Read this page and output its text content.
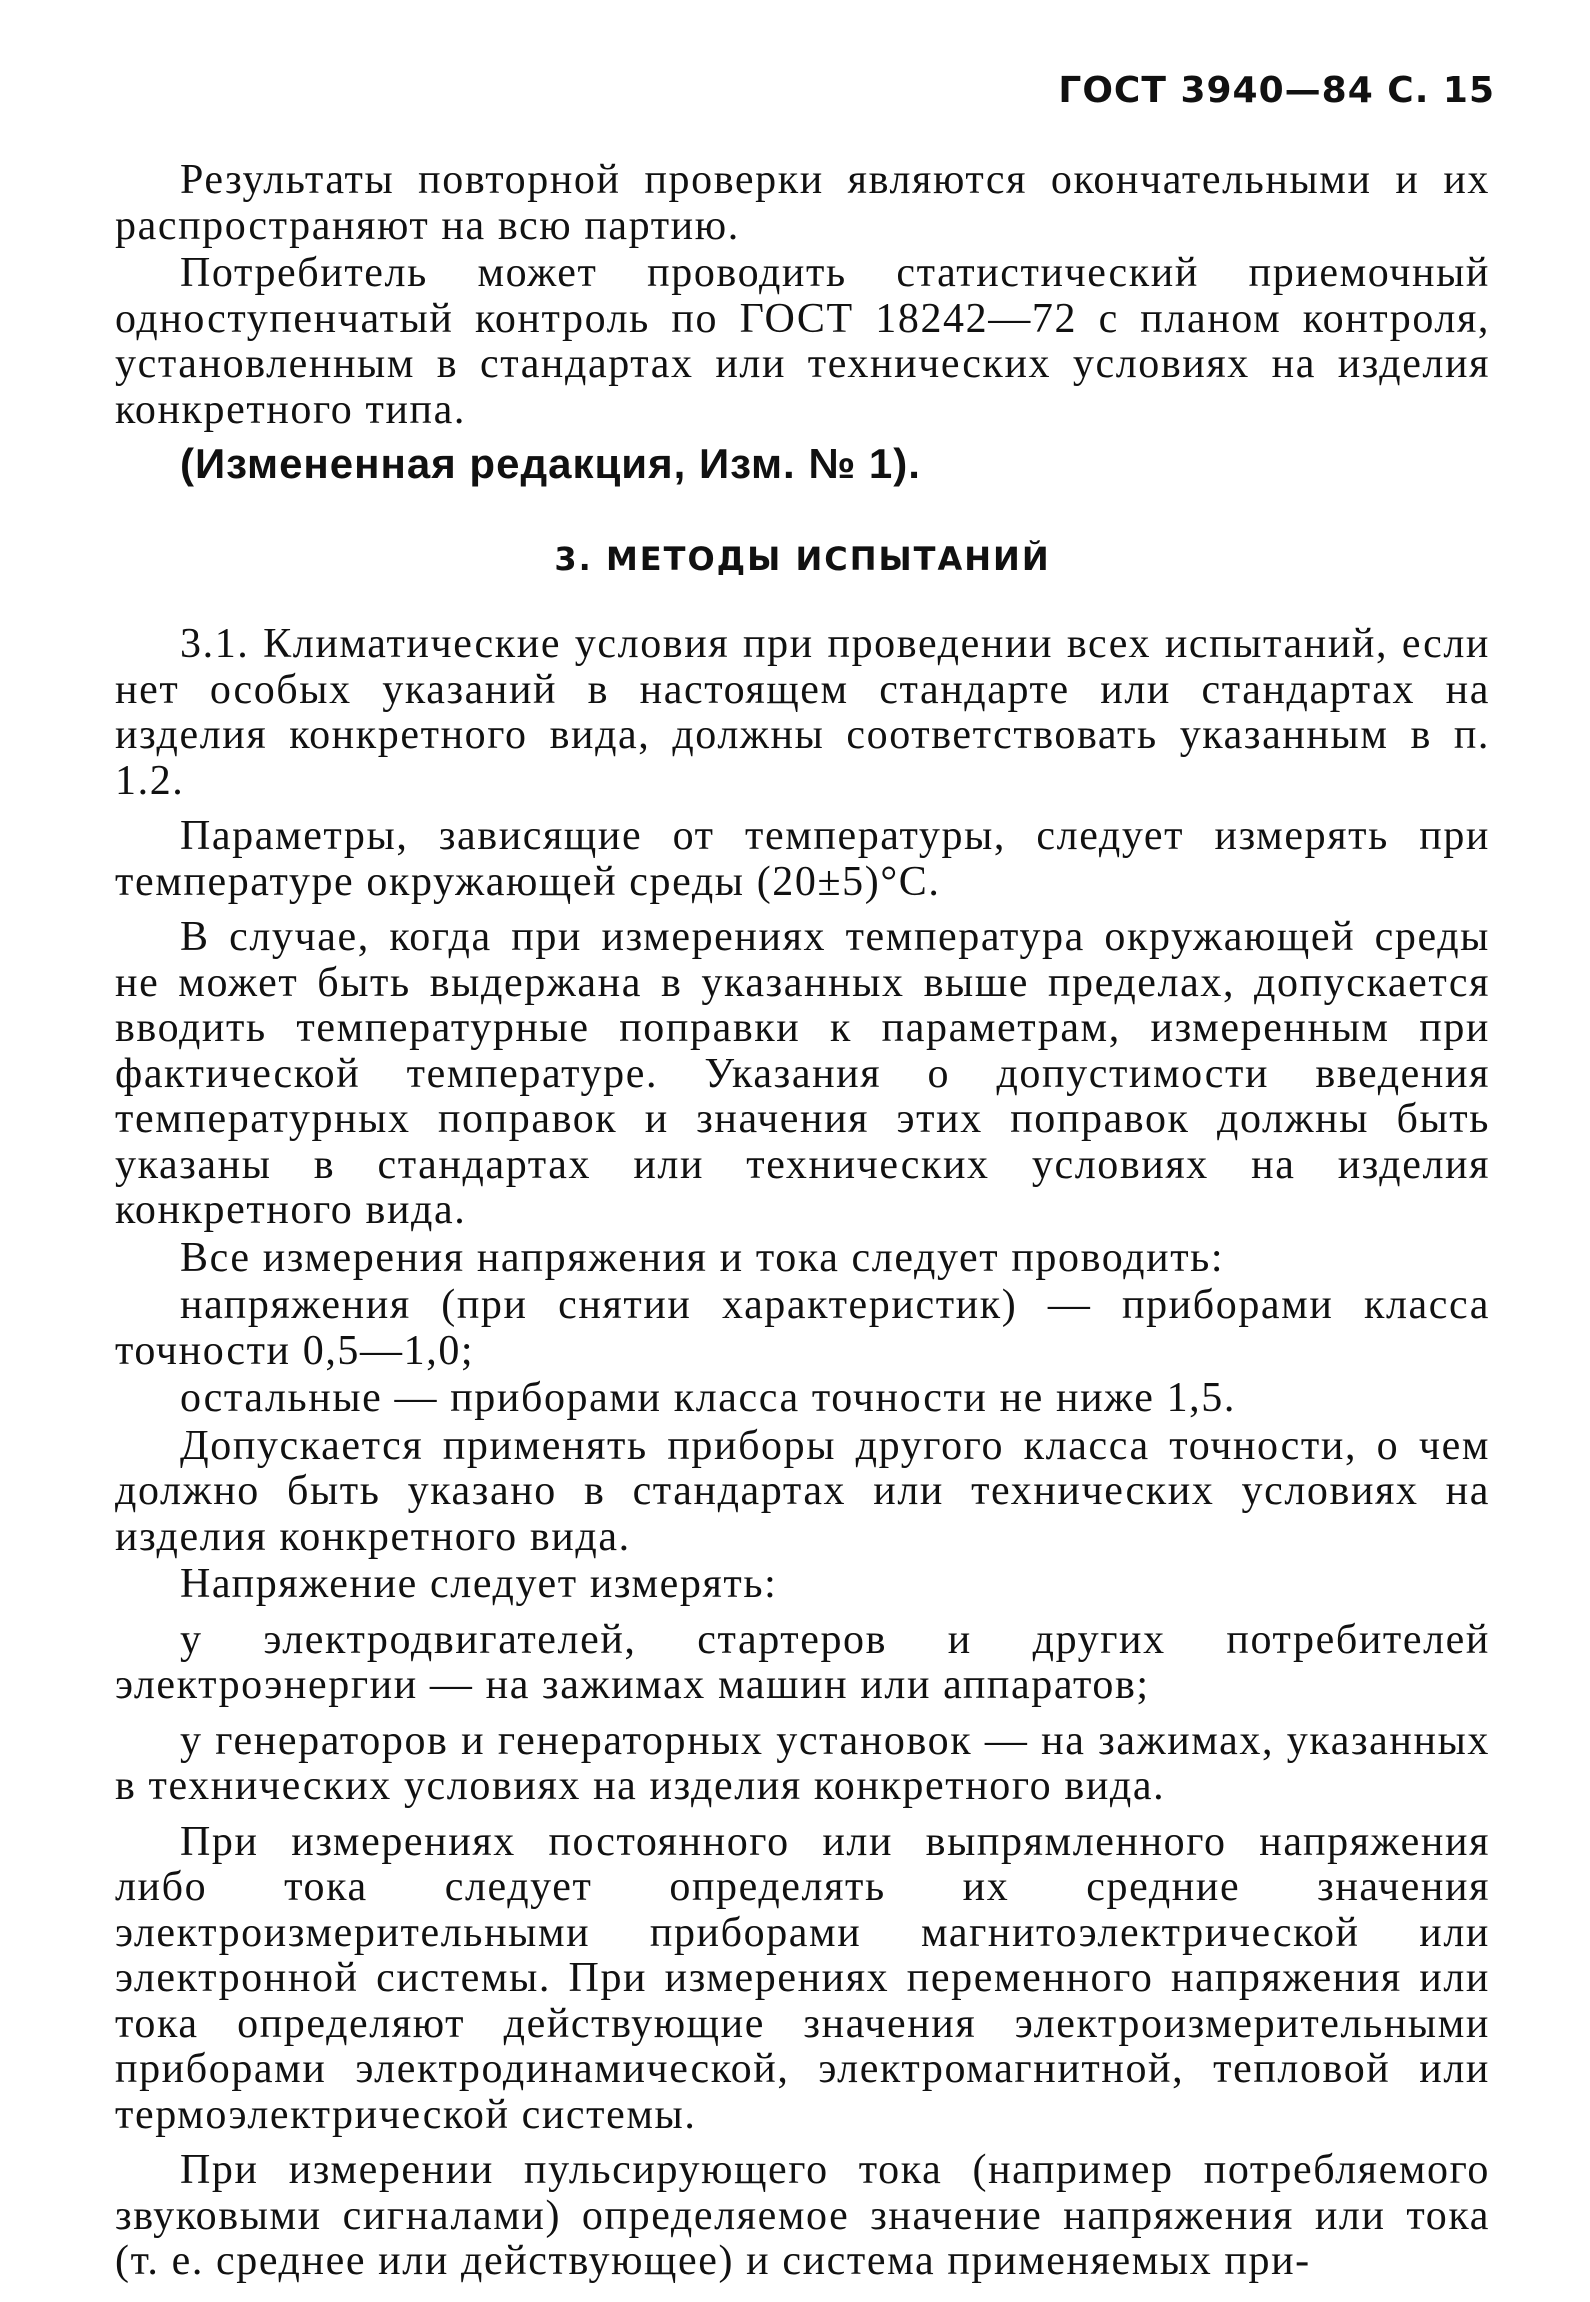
ГОСТ 3940—84 С. 15

Результаты повторной проверки являются окончательными и их распространяют на всю партию.

Потребитель может проводить статистический приемочный одноступенчатый контроль по ГОСТ 18242—72 с планом контроля, установленным в стандартах или технических условиях на изделия конкретного типа.

(Измененная редакция, Изм. № 1).

3. МЕТОДЫ ИСПЫТАНИЙ

3.1. Климатические условия при проведении всех испытаний, если нет особых указаний в настоящем стандарте или стандартах на изделия конкретного вида, должны соответствовать указанным в п. 1.2.

Параметры, зависящие от температуры, следует измерять при температуре окружающей среды (20±5)°С.

В случае, когда при измерениях температура окружающей среды не может быть выдержана в указанных выше пределах, допускается вводить температурные поправки к параметрам, измеренным при фактической температуре. Указания о допустимости введения температурных поправок и значения этих поправок должны быть указаны в стандартах или технических условиях на изделия конкретного вида.

Все измерения напряжения и тока следует проводить:

напряжения (при снятии характеристик) — приборами класса точности 0,5—1,0;

остальные — приборами класса точности не ниже 1,5.

Допускается применять приборы другого класса точности, о чем должно быть указано в стандартах или технических условиях на изделия конкретного вида.

Напряжение следует измерять:

у электродвигателей, стартеров и других потребителей электроэнергии — на зажимах машин или аппаратов;

у генераторов и генераторных установок — на зажимах, указанных в технических условиях на изделия конкретного вида.

При измерениях постоянного или выпрямленного напряжения либо тока следует определять их средние значения электроизмерительными приборами магнитоэлектрической или электронной системы. При измерениях переменного напряжения или тока определяют действующие значения электроизмерительными приборами электродинамической, электромагнитной, тепловой или термоэлектрической системы.

При измерении пульсирующего тока (например потребляемого звуковыми сигналами) определяемое значение напряжения или тока (т. е. среднее или действующее) и система применяемых при-
